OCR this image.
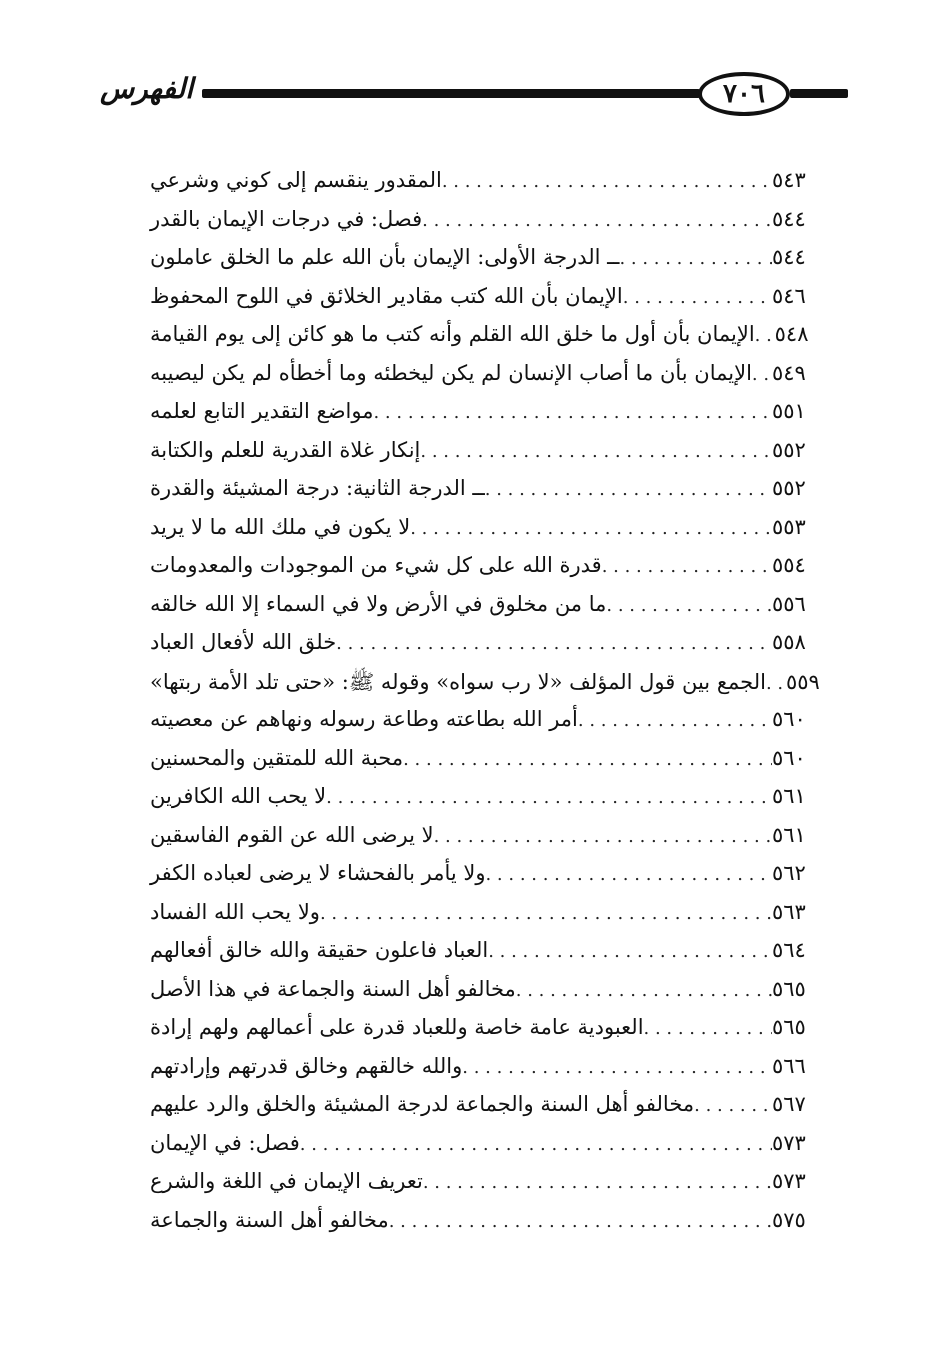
الفهرس	٧٠٦
المقدور ينقسم إلى كوني وشرعي . . .	٥٤٣
فصل: في درجات الإيمان بالقدر . . .	٥٤٤
ــ الدرجة الأولى: الإيمان بأن الله علم ما الخلق عاملون . . .	٥٤٤
الإيمان بأن الله كتب مقادير الخلائق في اللوح المحفوظ . . .	٥٤٦
الإيمان بأن أول ما خلق الله القلم وأنه كتب ما هو كائن إلى يوم القيامة . . . ٥٤٨
الإيمان بأن ما أصاب الإنسان لم يكن ليخطئه وما أخطأه لم يكن ليصيبه . . . ٥٤٩
مواضع التقدير التابع لعلمه . . .	٥٥١
إنكار غلاة القدرية للعلم والكتابة . . .	٥٥٢
ــ الدرجة الثانية: درجة المشيئة والقدرة . . .	٥٥٢
لا يكون في ملك الله ما لا يريد . . .	٥٥٣
قدرة الله على كل شيء من الموجودات والمعدومات . . .	٥٥٤
ما من مخلوق في الأرض ولا في السماء إلا الله خالقه . . .	٥٥٦
خلق الله لأفعال العباد . . .	٥٥٨
الجمع بين قول المؤلف «لا رب سواه» وقوله ﷺ: «حتى تلد الأمة ربتها» . . . ٥٥٩
أمر الله بطاعته وطاعة رسوله ونهاهم عن معصيته . . .	٥٦٠
محبة الله للمتقين والمحسنين . . .	٥٦٠
لا يحب الله الكافرين . . .	٥٦١
لا يرضى الله عن القوم الفاسقين . . .	٥٦١
ولا يأمر بالفحشاء لا يرضى لعباده الكفر . . .	٥٦٢
ولا يحب الله الفساد . . .	٥٦٣
العباد فاعلون حقيقة والله خالق أفعالهم . . .	٥٦٤
مخالفو أهل السنة والجماعة في هذا الأصل . . .	٥٦٥
العبودية عامة خاصة وللعباد قدرة على أعمالهم ولهم إرادة . . .	٥٦٥
والله خالقهم وخالق قدرتهم وإرادتهم . . .	٥٦٦
مخالفو أهل السنة والجماعة لدرجة المشيئة والخلق والرد عليهم . . .	٥٦٧
فصل: في الإيمان . . .	٥٧٣
تعريف الإيمان في اللغة والشرع . . .	٥٧٣
مخالفو أهل السنة والجماعة . . .	٥٧٥
